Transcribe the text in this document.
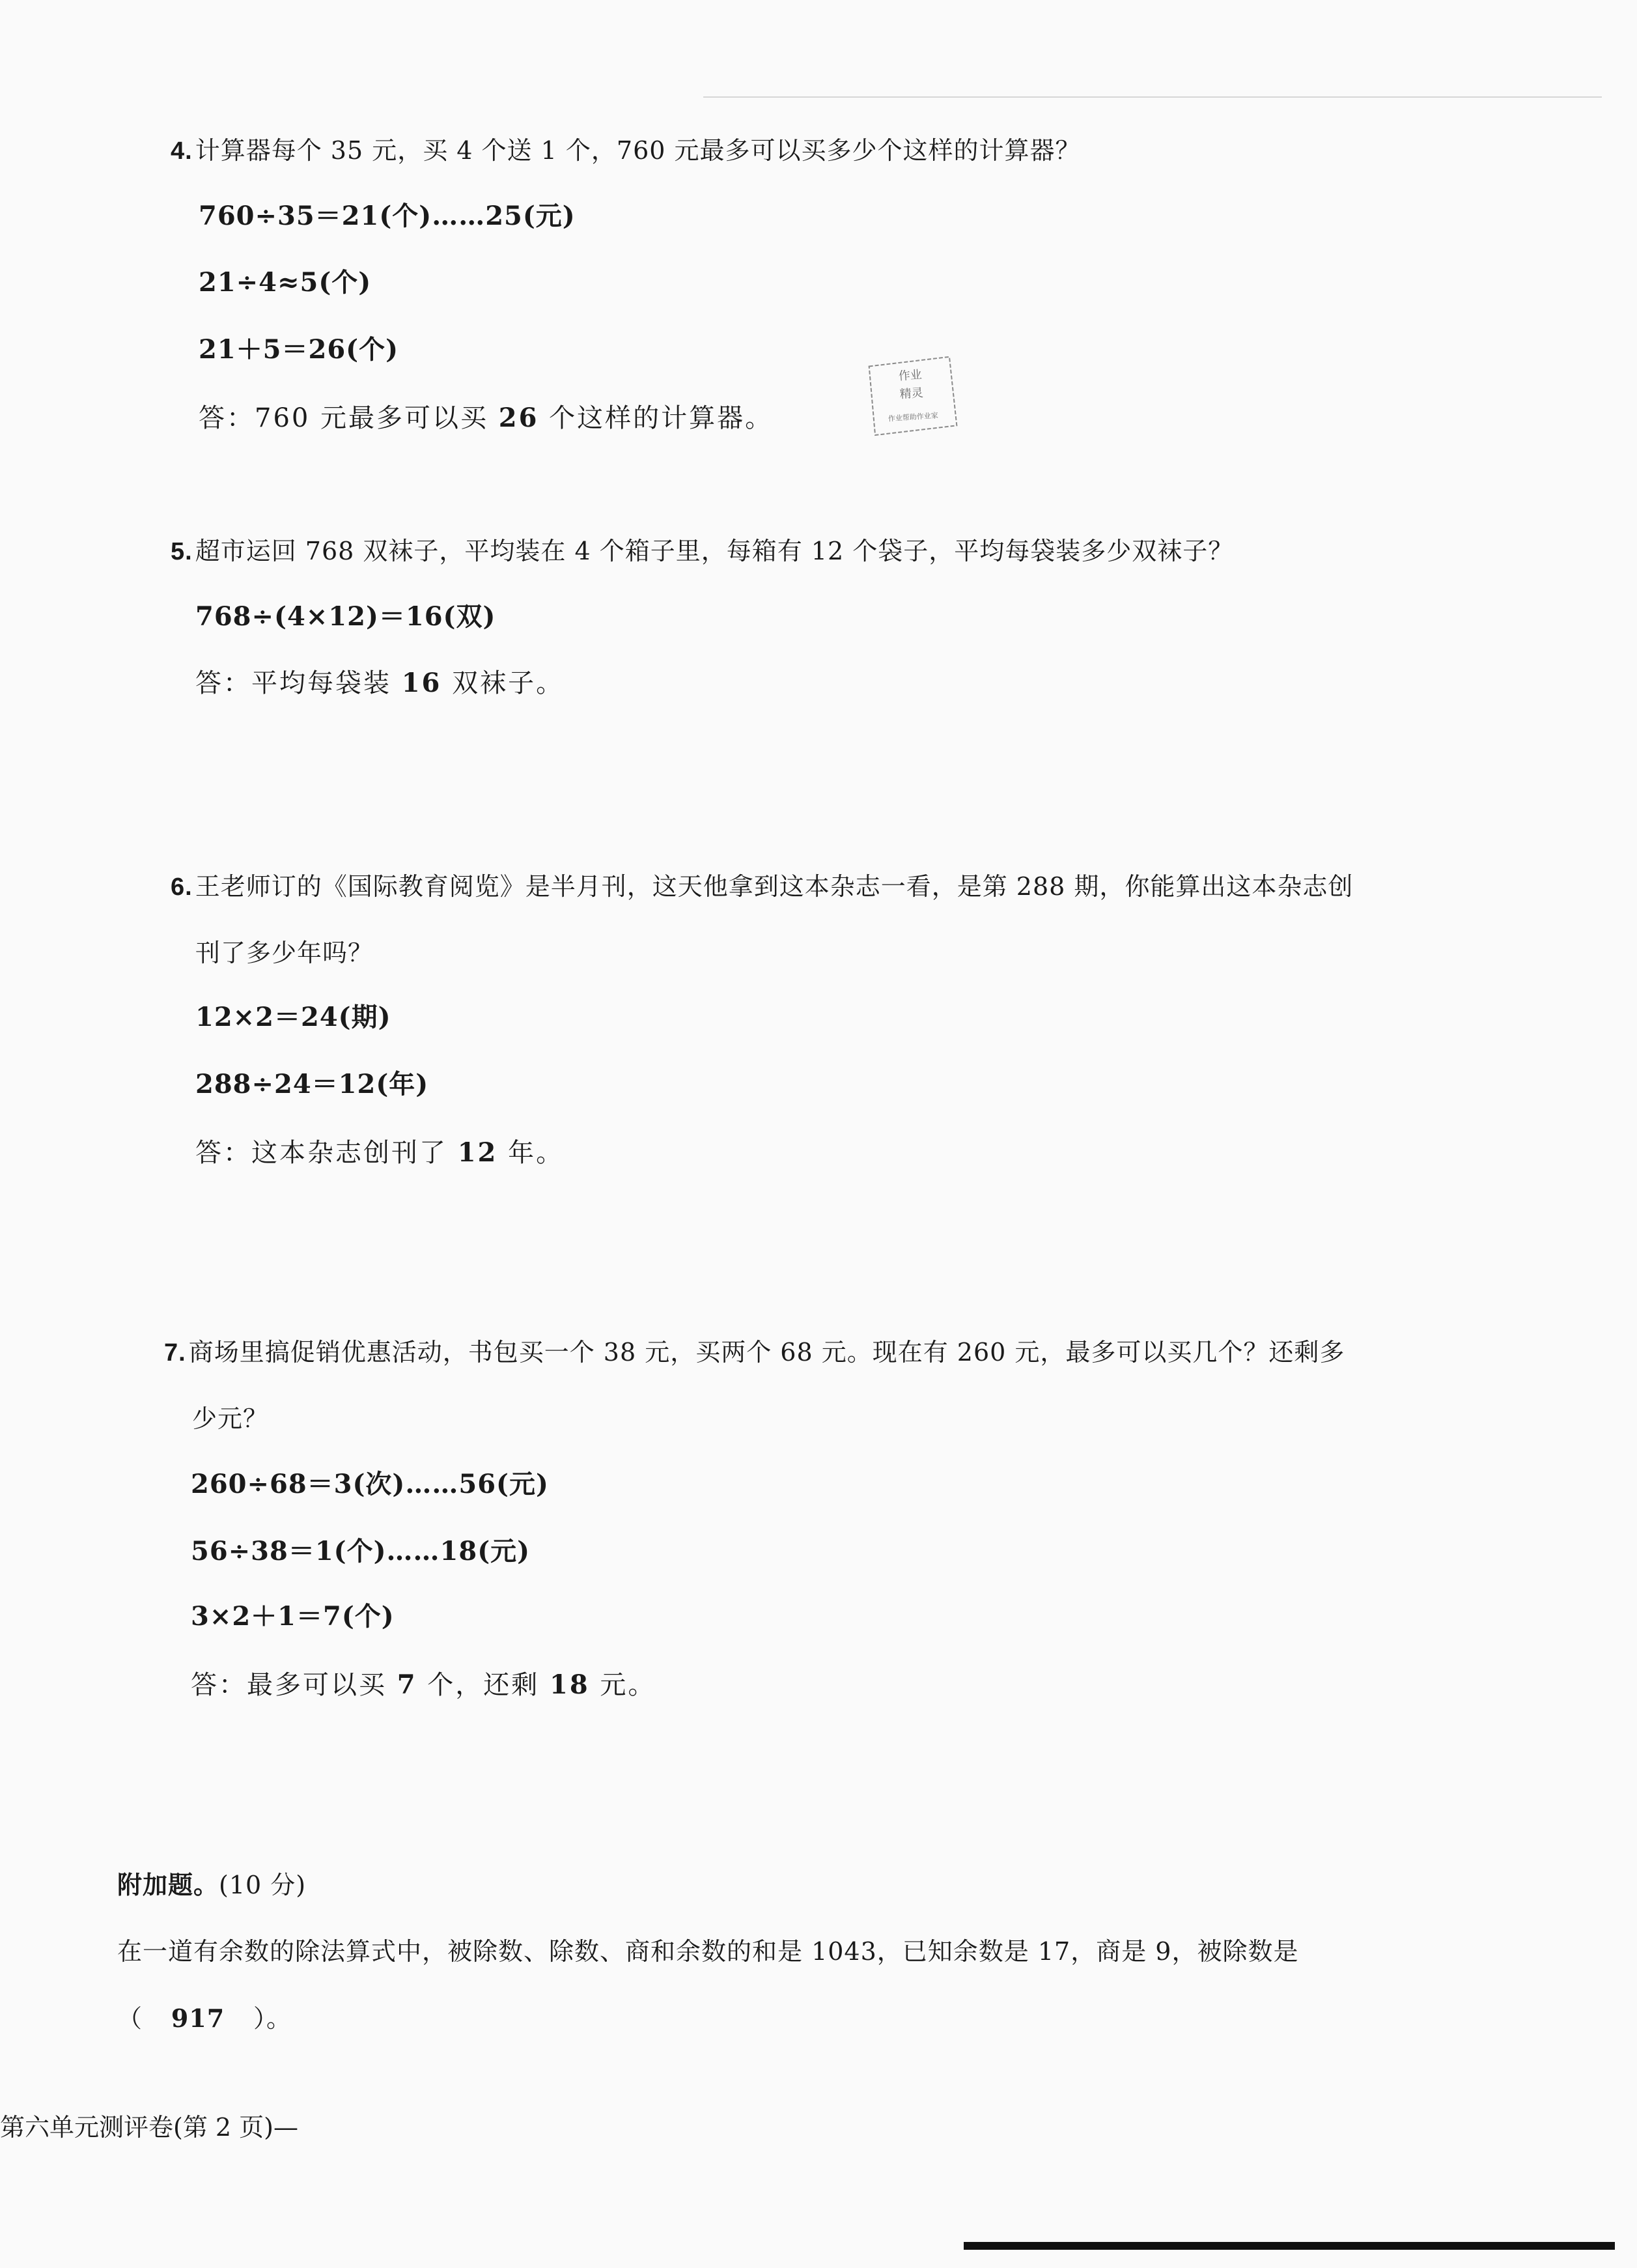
4. 计算器每个 35 元，买 4 个送 1 个，760 元最多可以买多少个这样的计算器？
760÷35＝21(个)……25(元)
21÷4≈5(个)
21＋5＝26(个)
答：760 元最多可以买 26 个这样的计算器。
作业
精灵
作业帮助作业家
5. 超市运回 768 双袜子，平均装在 4 个箱子里，每箱有 12 个袋子，平均每袋装多少双袜子？
768÷(4×12)＝16(双)
答：平均每袋装 16 双袜子。
6. 王老师订的《国际教育阅览》是半月刊，这天他拿到这本杂志一看，是第 288 期，你能算出这本杂志创
刊了多少年吗？
12×2＝24(期)
288÷24＝12(年)
答：这本杂志创刊了 12 年。
7. 商场里搞促销优惠活动，书包买一个 38 元，买两个 68 元。现在有 260 元，最多可以买几个？还剩多
少元？
260÷68＝3(次)……56(元)
56÷38＝1(个)……18(元)
3×2＋1＝7(个)
答：最多可以买 7 个，还剩 18 元。
附加题。(10 分)
在一道有余数的除法算式中，被除数、除数、商和余数的和是 1043，已知余数是 17，商是 9，被除数是
（ 917 ）。
第六单元测评卷(第 2 页)—
